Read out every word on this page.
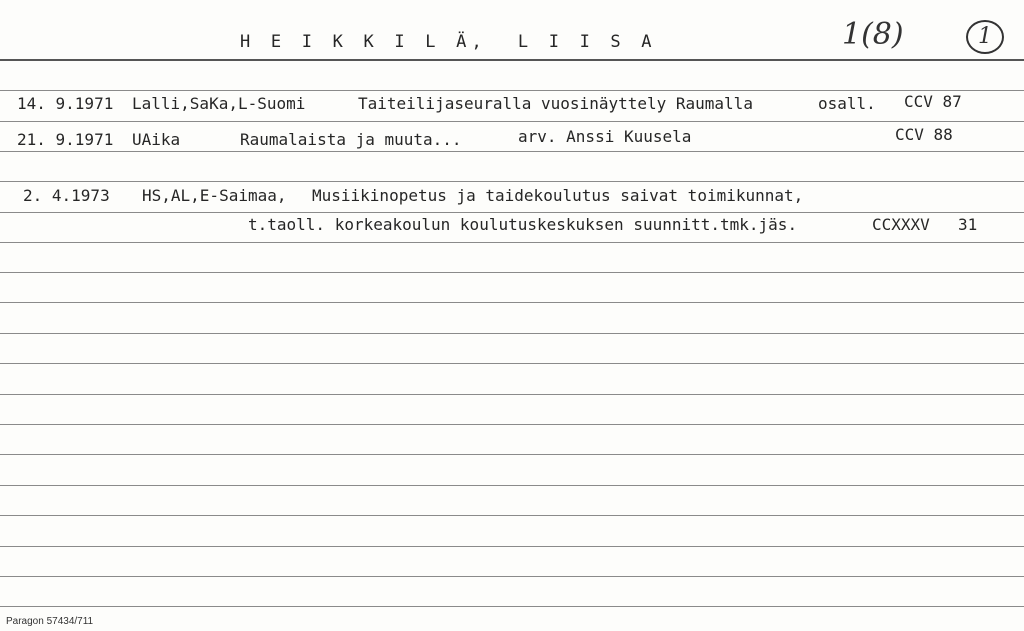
H E I K K I L Ä,  L I I S A	1(8)	1
14. 9.1971 Lalli,SaKa,L-Suomi	Taiteilijaseuralla vuosinäyttely Raumalla	osall. CCV 87
21. 9.1971 UAika	Raumalaista ja muuta...	arv. Anssi Kuusela	CCV 88
2. 4.1973 HS,AL,E-Saimaa, Musiikinopetus ja taidekoulutus saivat toimikunnat,
t.taoll. korkeakoulun koulutuskeskuksen suunnitt.tmk.jäs.	CCXXXV 31
Paragon 57434/711
